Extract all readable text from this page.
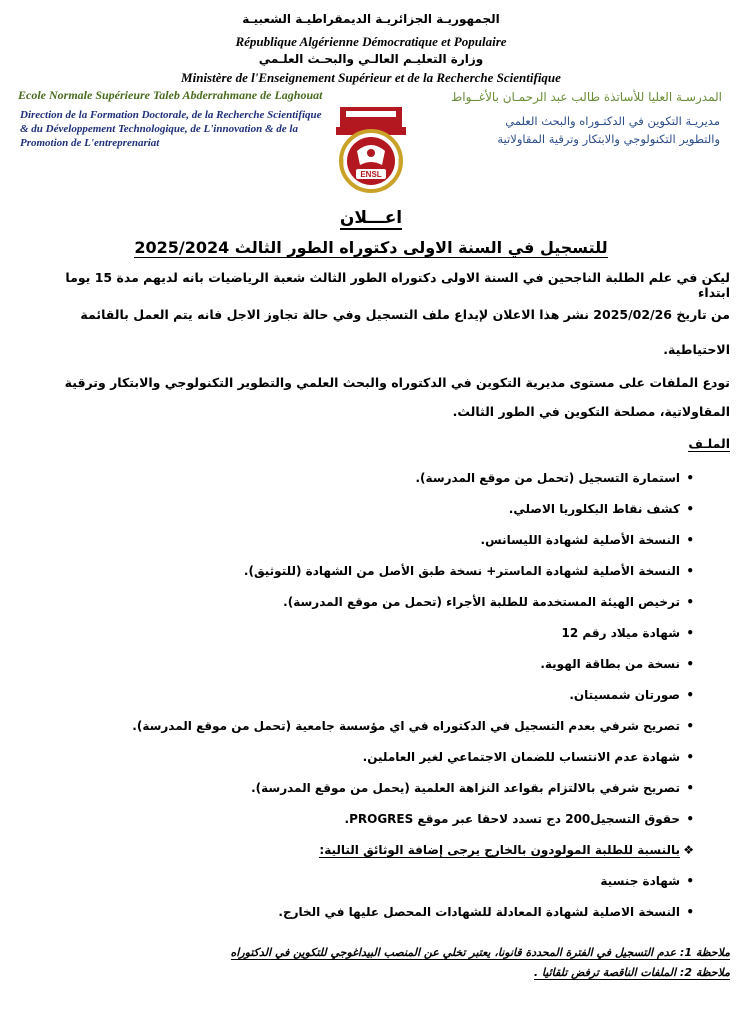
الجمهوريـة الجزائريـة الديمقراطيـة الشعبيـة
République Algérienne Démocratique et Populaire
وزارة التعليـم العالـي والبحـث العلـمي
Ministère de l'Enseignement Supérieur et de la Recherche Scientifique
Ecole Normale Supérieure Taleb Abderrahmane de Laghouat	المدرسـة العليا للأساتذة طالب عبد الرحمـان بالأغــواط
Direction de la Formation Doctorale, de la Recherche Scientifique & du Développement Technologique, de L'innovation & de la Promotion de L'entreprenariat
مديريـة التكوين في الدكتـوراه والبحث العلمي
والتطوير التكنولوجي والابتكار وترقية المقاولاتية
ENSL
اعـــلان
للتسجيل في السنة الاولى دكتوراه الطور الثالث 2025/2024
ليكن في علم الطلبة الناجحين في السنة الاولى دكتوراه الطور الثالث شعبة الرياضيات بانه لديهم مدة 15 يوما ابتداء
من تاريخ 2025/02/26 نشر هذا الاعلان لإيداع ملف التسجيل وفي حالة تجاوز الاجل فانه يتم العمل بالقائمة
الاحتياطية.
تودع الملفات على مستوى مديرية التكوين في الدكتوراه والبحث العلمي والتطوير التكنولوجي والابتكار وترقية
المقاولاتية، مصلحة التكوين في الطور الثالث.
الملـف
•
استمارة التسجيل (تحمل من موقع المدرسة).
•
كشف نقاط البكلوريا الاصلي.
•
النسخة الأصلية لشهادة الليسانس.
•
النسخة الأصلية لشهادة الماستر+ نسخة طبق الأصل من الشهادة (للتوثيق).
•
ترخيص الهيئة المستخدمة للطلبة الأجراء (تحمل من موقع المدرسة).
•
شهادة ميلاد رقم 12
•
نسخة من بطاقة الهوية.
•
صورتان شمسيتان.
•
تصريح شرفي بعدم التسجيل في الدكتوراه في اي مؤسسة جامعية (تحمل من موقع المدرسة).
•
شهادة عدم الانتساب للضمان الاجتماعي لغير العاملين.
•
تصريح شرفي بالالتزام بقواعد النزاهة العلمية (يحمل من موقع المدرسة).
•
حقوق التسجيل200 دج تسدد لاحقا عبر موقع PROGRES.
❖
بالنسبة للطلبة المولودون بالخارج يرجى إضافة الوثائق التالية:
•
شهادة جنسية
•
النسخة الاصلية لشهادة المعادلة للشهادات المحصل عليها في الخارج.
ملاحظة 1: عدم التسجيل في الفترة المحددة قانونا، يعتبر تخلي عن المنصب البيداغوجي للتكوين في الدكتوراه
ملاحظة 2: الملفات الناقصة ترفض تلقائيا .
